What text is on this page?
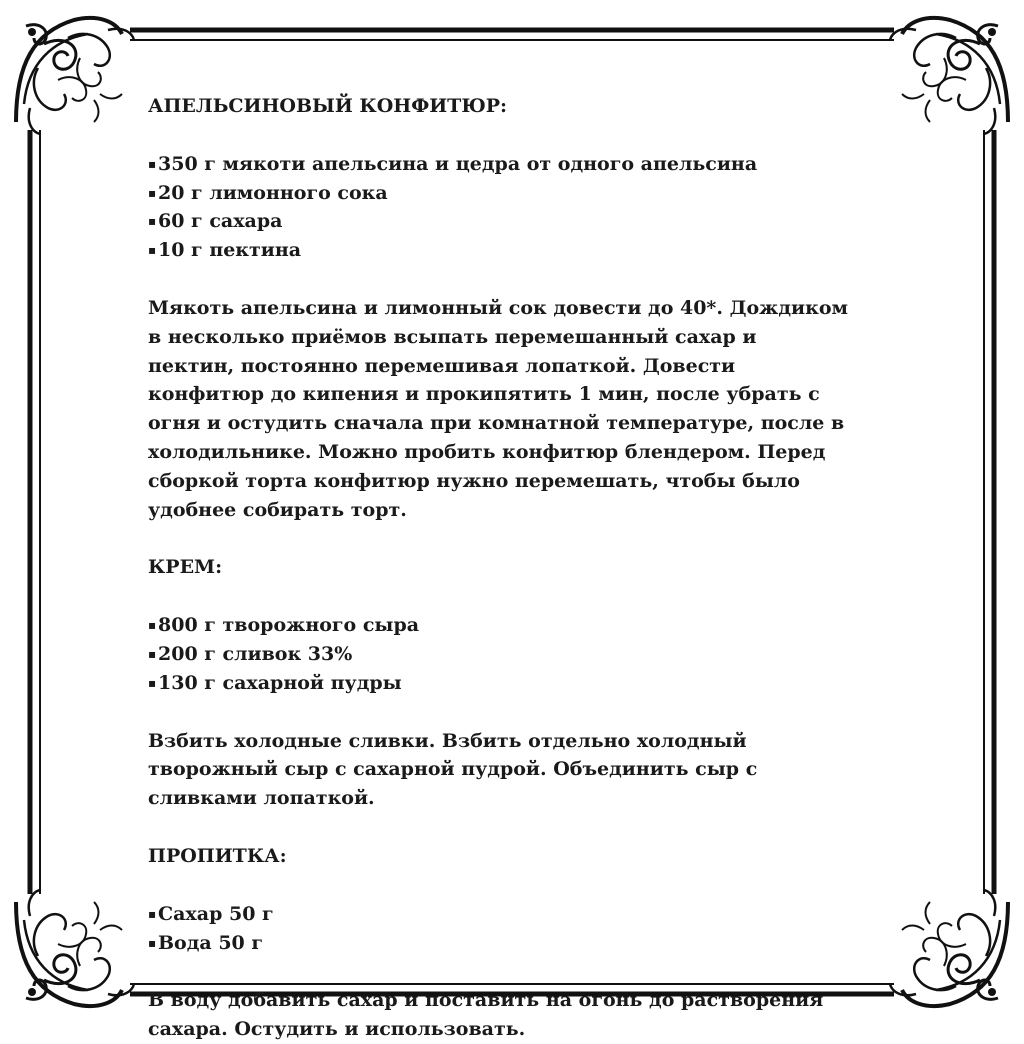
АПЕЛЬСИНОВЫЙ КОНФИТЮР:

▪350 г мякоти апельсина и цедра от одного апельсина
▪20 г лимонного сока
▪60 г сахара
▪10 г пектина

Мякоть апельсина и лимонный сок довести до 40*. Дождиком в несколько приёмов всыпать перемешанный сахар и пектин, постоянно перемешивая лопаткой. Довести конфитюр до кипения и прокипятить 1 мин, после убрать с огня и остудить сначала при комнатной температуре, после в холодильнике. Можно пробить конфитюр блендером. Перед сборкой торта конфитюр нужно перемешать, чтобы было удобнее собирать торт.

КРЕМ:

▪800 г творожного сыра
▪200 г сливок 33%
▪130 г сахарной пудры

Взбить холодные сливки. Взбить отдельно холодный творожный сыр с сахарной пудрой. Объединить сыр с сливками лопаткой.

ПРОПИТКА:

▪Сахар 50 г
▪Вода 50 г

В воду добавить сахар и поставить на огонь до растворения сахара. Остудить и использовать.
